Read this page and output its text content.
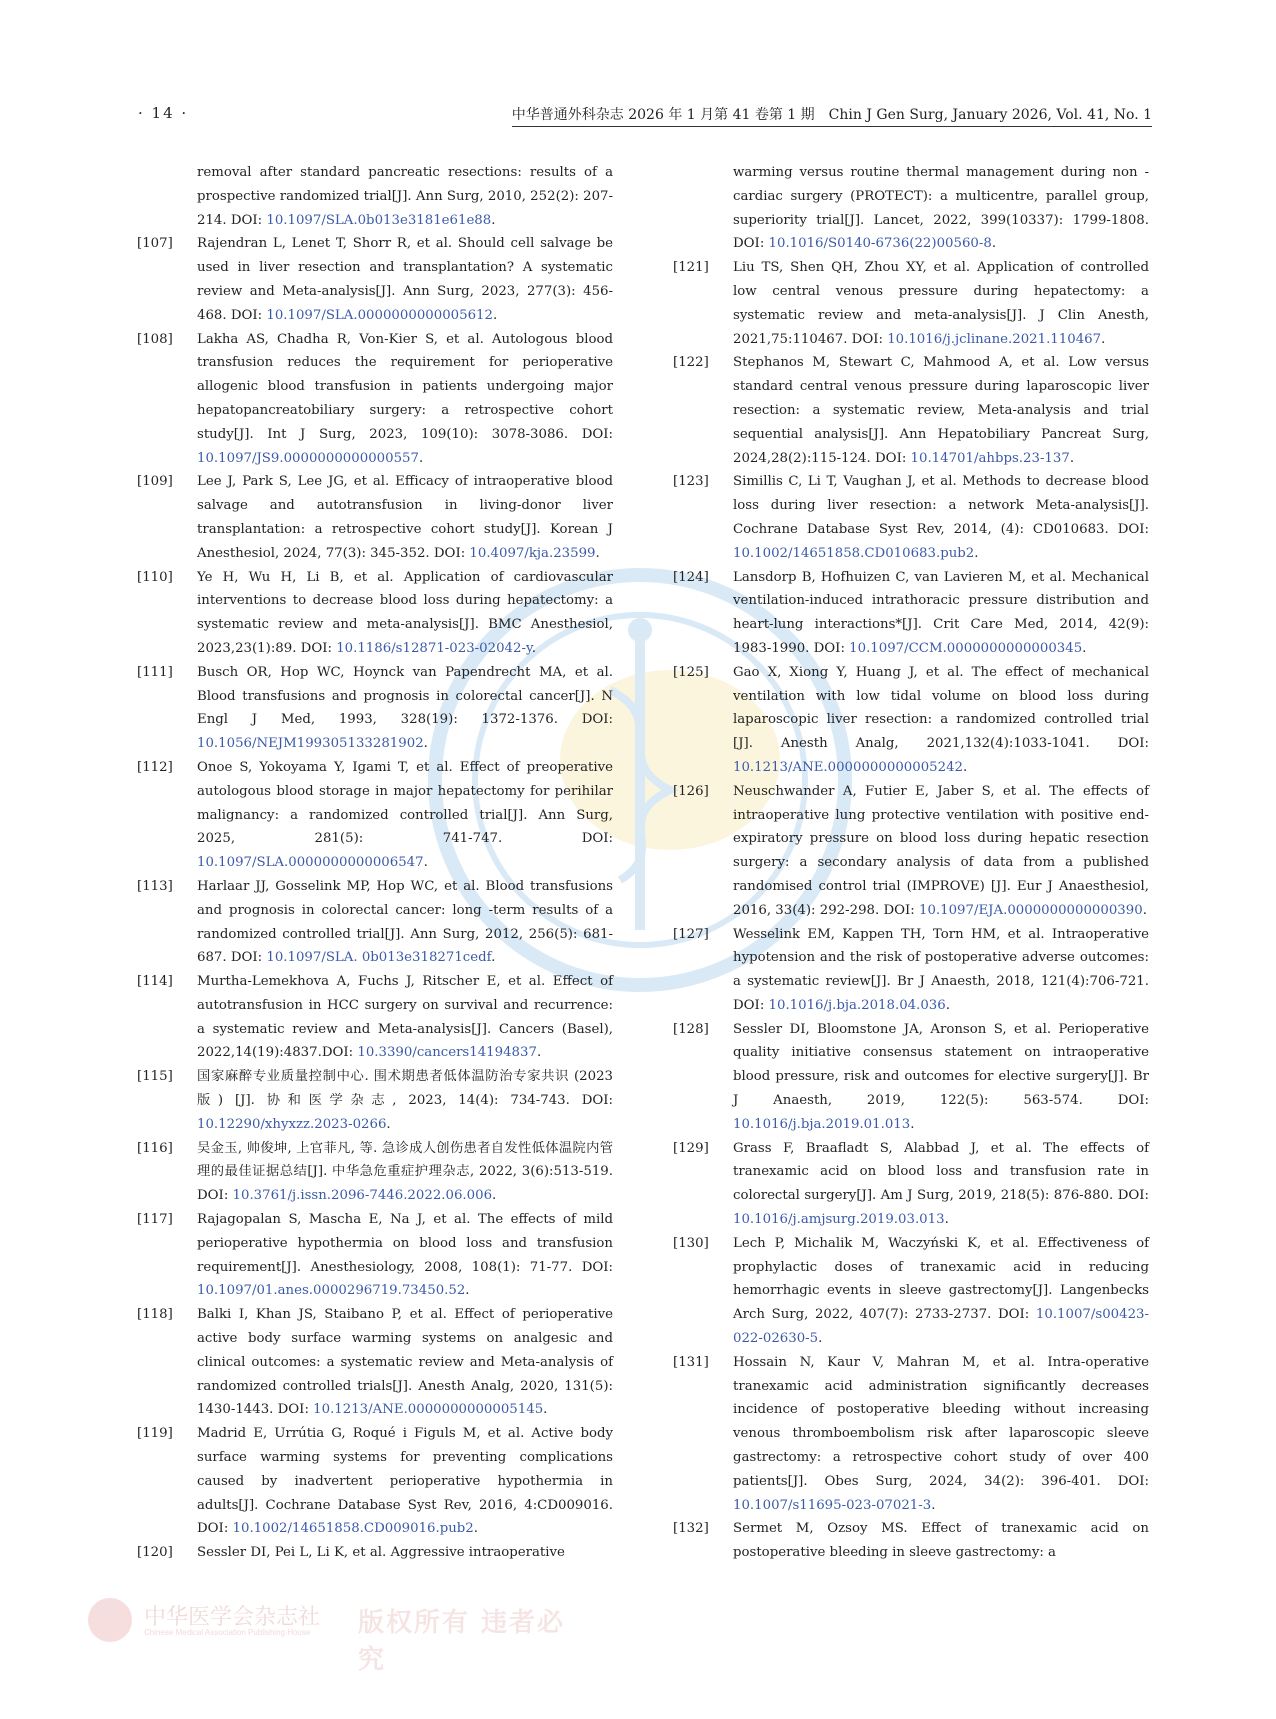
· 14 ·	中华普通外科杂志 2026 年 1 月第 41 卷第 1 期　Chin J Gen Surg, January 2026, Vol. 41, No. 1

removal after standard pancreatic resections: results of a prospective randomized trial[J]. Ann Surg, 2010, 252(2): 207-214. DOI: 10.1097/SLA.0b013e3181e61e88.

[107] Rajendran L, Lenet T, Shorr R, et al. Should cell salvage be used in liver resection and transplantation? A systematic review and Meta-analysis[J]. Ann Surg, 2023, 277(3): 456-468. DOI: 10.1097/SLA.0000000000005612.

[108] Lakha AS, Chadha R, Von-Kier S, et al. Autologous blood transfusion reduces the requirement for perioperative allogenic blood transfusion in patients undergoing major hepatopancreatobiliary surgery: a retrospective cohort study[J]. Int J Surg, 2023, 109(10): 3078-3086. DOI: 10.1097/JS9.0000000000000557.

[109] Lee J, Park S, Lee JG, et al. Efficacy of intraoperative blood salvage and autotransfusion in living-donor liver transplantation: a retrospective cohort study[J]. Korean J Anesthesiol, 2024, 77(3): 345-352. DOI: 10.4097/kja.23599.

[110] Ye H, Wu H, Li B, et al. Application of cardiovascular interventions to decrease blood loss during hepatectomy: a systematic review and meta-analysis[J]. BMC Anesthesiol, 2023,23(1):89. DOI: 10.1186/s12871-023-02042-y.

[111] Busch OR, Hop WC, Hoynck van Papendrecht MA, et al. Blood transfusions and prognosis in colorectal cancer[J]. N Engl J Med, 1993, 328(19): 1372-1376. DOI: 10.1056/NEJM199305133281902.

[112] Onoe S, Yokoyama Y, Igami T, et al. Effect of preoperative autologous blood storage in major hepatectomy for perihilar malignancy: a randomized controlled trial[J]. Ann Surg, 2025, 281(5): 741-747. DOI: 10.1097/SLA.0000000000006547.

[113] Harlaar JJ, Gosselink MP, Hop WC, et al. Blood transfusions and prognosis in colorectal cancer: long -term results of a randomized controlled trial[J]. Ann Surg, 2012, 256(5): 681-687. DOI: 10.1097/SLA. 0b013e318271cedf.

[114] Murtha-Lemekhova A, Fuchs J, Ritscher E, et al. Effect of autotransfusion in HCC surgery on survival and recurrence: a systematic review and Meta-analysis[J]. Cancers (Basel), 2022,14(19):4837.DOI: 10.3390/cancers14194837.

[115] 国家麻醉专业质量控制中心. 围术期患者低体温防治专家共识 (2023 版) [J]. 协和医学杂志, 2023, 14(4): 734-743. DOI: 10.12290/xhyxzz.2023-0266.

[116] 吴金玉, 帅俊坤, 上官菲凡, 等. 急诊成人创伤患者自发性低体温院内管理的最佳证据总结[J]. 中华急危重症护理杂志, 2022, 3(6):513-519. DOI: 10.3761/j.issn.2096-7446.2022.06.006.

[117] Rajagopalan S, Mascha E, Na J, et al. The effects of mild perioperative hypothermia on blood loss and transfusion requirement[J]. Anesthesiology, 2008, 108(1): 71-77. DOI: 10.1097/01.anes.0000296719.73450.52.

[118] Balki I, Khan JS, Staibano P, et al. Effect of perioperative active body surface warming systems on analgesic and clinical outcomes: a systematic review and Meta-analysis of randomized controlled trials[J]. Anesth Analg, 2020, 131(5): 1430-1443. DOI: 10.1213/ANE.0000000000005145.

[119] Madrid E, Urrútia G, Roqué i Figuls M, et al. Active body surface warming systems for preventing complications caused by inadvertent perioperative hypothermia in adults[J]. Cochrane Database Syst Rev, 2016, 4:CD009016. DOI: 10.1002/14651858.CD009016.pub2.

[120] Sessler DI, Pei L, Li K, et al. Aggressive intraoperative

warming versus routine thermal management during non -cardiac surgery (PROTECT): a multicentre, parallel group, superiority trial[J]. Lancet, 2022, 399(10337): 1799-1808. DOI: 10.1016/S0140-6736(22)00560-8.

[121] Liu TS, Shen QH, Zhou XY, et al. Application of controlled low central venous pressure during hepatectomy: a systematic review and meta-analysis[J]. J Clin Anesth, 2021,75:110467. DOI: 10.1016/j.jclinane.2021.110467.

[122] Stephanos M, Stewart C, Mahmood A, et al. Low versus standard central venous pressure during laparoscopic liver resection: a systematic review, Meta-analysis and trial sequential analysis[J]. Ann Hepatobiliary Pancreat Surg, 2024,28(2):115-124. DOI: 10.14701/ahbps.23-137.

[123] Simillis C, Li T, Vaughan J, et al. Methods to decrease blood loss during liver resection: a network Meta-analysis[J]. Cochrane Database Syst Rev, 2014, (4): CD010683. DOI: 10.1002/14651858.CD010683.pub2.

[124] Lansdorp B, Hofhuizen C, van Lavieren M, et al. Mechanical ventilation-induced intrathoracic pressure distribution and heart-lung interactions*[J]. Crit Care Med, 2014, 42(9): 1983-1990. DOI: 10.1097/CCM.0000000000000345.

[125] Gao X, Xiong Y, Huang J, et al. The effect of mechanical ventilation with low tidal volume on blood loss during laparoscopic liver resection: a randomized controlled trial [J]. Anesth Analg, 2021,132(4):1033-1041. DOI: 10.1213/ANE.0000000000005242.

[126] Neuschwander A, Futier E, Jaber S, et al. The effects of intraoperative lung protective ventilation with positive end-expiratory pressure on blood loss during hepatic resection surgery: a secondary analysis of data from a published randomised control trial (IMPROVE) [J]. Eur J Anaesthesiol, 2016, 33(4): 292-298. DOI: 10.1097/EJA.0000000000000390.

[127] Wesselink EM, Kappen TH, Torn HM, et al. Intraoperative hypotension and the risk of postoperative adverse outcomes: a systematic review[J]. Br J Anaesth, 2018, 121(4):706-721. DOI: 10.1016/j.bja.2018.04.036.

[128] Sessler DI, Bloomstone JA, Aronson S, et al. Perioperative quality initiative consensus statement on intraoperative blood pressure, risk and outcomes for elective surgery[J]. Br J Anaesth, 2019, 122(5): 563-574. DOI: 10.1016/j.bja.2019.01.013.

[129] Grass F, Braafladt S, Alabbad J, et al. The effects of tranexamic acid on blood loss and transfusion rate in colorectal surgery[J]. Am J Surg, 2019, 218(5): 876-880. DOI: 10.1016/j.amjsurg.2019.03.013.

[130] Lech P, Michalik M, Waczyński K, et al. Effectiveness of prophylactic doses of tranexamic acid in reducing hemorrhagic events in sleeve gastrectomy[J]. Langenbecks Arch Surg, 2022, 407(7): 2733-2737. DOI: 10.1007/s00423-022-02630-5.

[131] Hossain N, Kaur V, Mahran M, et al. Intra-operative tranexamic acid administration significantly decreases incidence of postoperative bleeding without increasing venous thromboembolism risk after laparoscopic sleeve gastrectomy: a retrospective cohort study of over 400 patients[J]. Obes Surg, 2024, 34(2): 396-401. DOI: 10.1007/s11695-023-07021-3.

[132] Sermet M, Ozsoy MS. Effect of tranexamic acid on postoperative bleeding in sleeve gastrectomy: a

中华医学会杂志社
Chinese Medical Association Publishing House 版权所有 违者必究
